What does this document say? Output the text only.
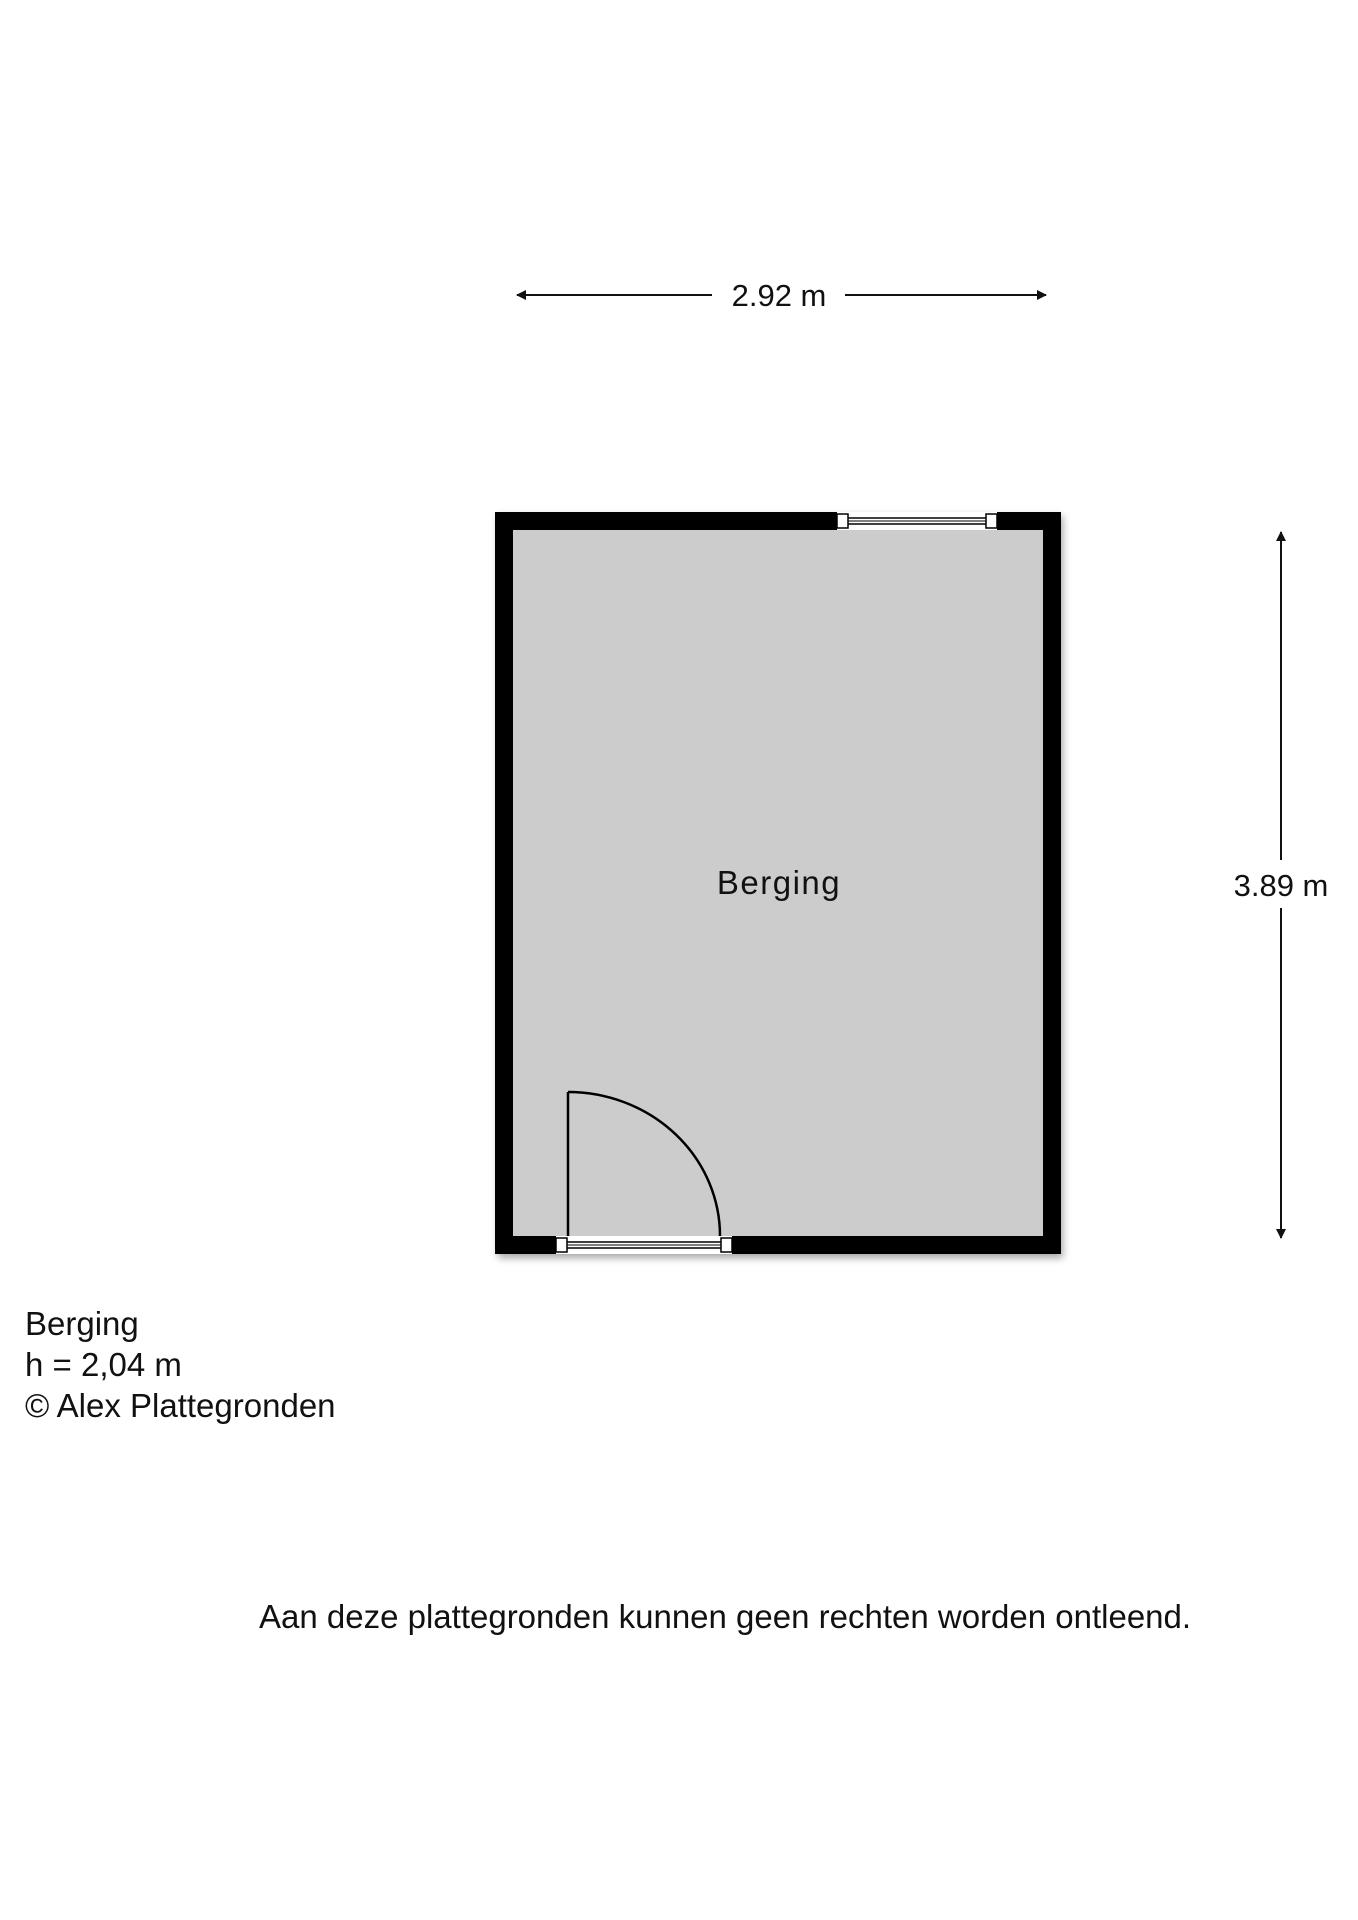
2.92 m
3.89 m
Berging
Berging
h = 2,04 m
© Alex Plattegronden
Aan deze plattegronden kunnen geen rechten worden ontleend.
